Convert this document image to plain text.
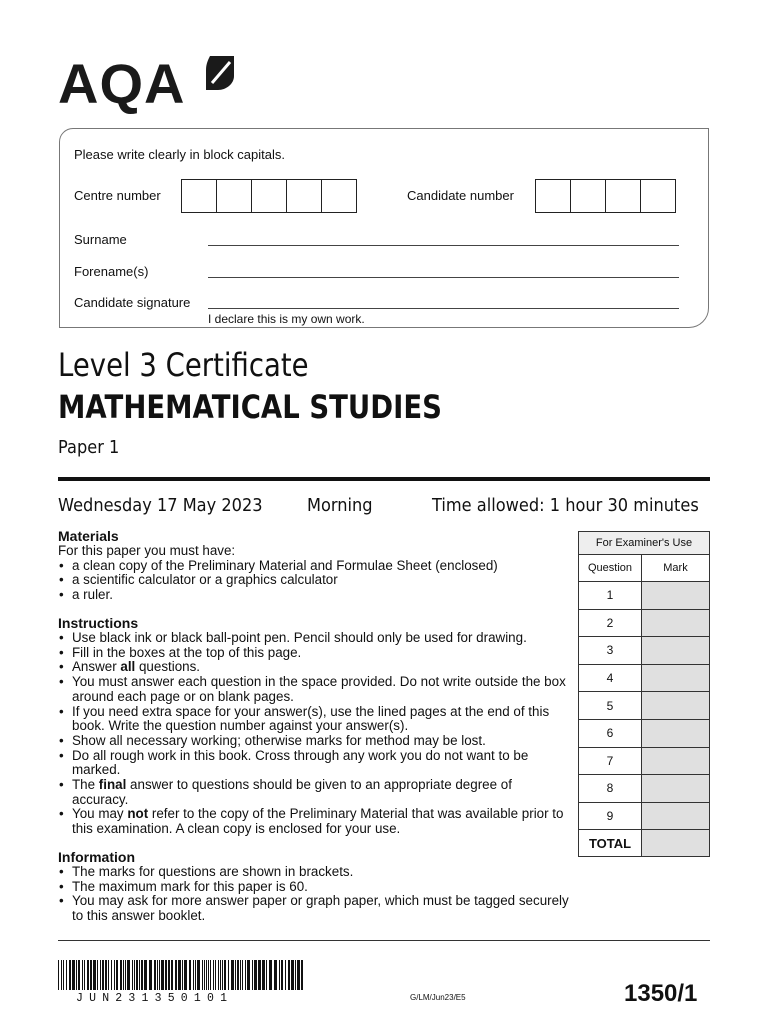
AQA
Please write clearly in block capitals.
Centre number	Candidate number
Surname
Forename(s)
Candidate signature
I declare this is my own work.
Level 3 Certificate
MATHEMATICAL STUDIES
Paper 1
Wednesday 17 May 2023 Morning	Time allowed: 1 hour 30 minutes
Materials
For this paper you must have:
• a clean copy of the Preliminary Material and Formulae Sheet (enclosed)
• a scientific calculator or a graphics calculator
• a ruler.
Instructions
• Use black ink or black ball-point pen. Pencil should only be used for drawing.
• Fill in the boxes at the top of this page.
• Answer all questions.
• You must answer each question in the space provided. Do not write outside the box around each page or on blank pages.
• If you need extra space for your answer(s), use the lined pages at the end of this book. Write the question number against your answer(s).
• Show all necessary working; otherwise marks for method may be lost.
• Do all rough work in this book. Cross through any work you do not want to be marked.
• The final answer to questions should be given to an appropriate degree of accuracy.
• You may not refer to the copy of the Preliminary Material that was available prior to this examination. A clean copy is enclosed for your use.
Information
• The marks for questions are shown in brackets.
• The maximum mark for this paper is 60.
• You may ask for more answer paper or graph paper, which must be tagged securely to this answer booklet.
For Examiner's Use	
Question	Mark
1	
2	
3	
4	
5	
6	
7	
8	
9	
TOTAL	
JUN231350101	G/LM/Jun23/E5	1350/1
